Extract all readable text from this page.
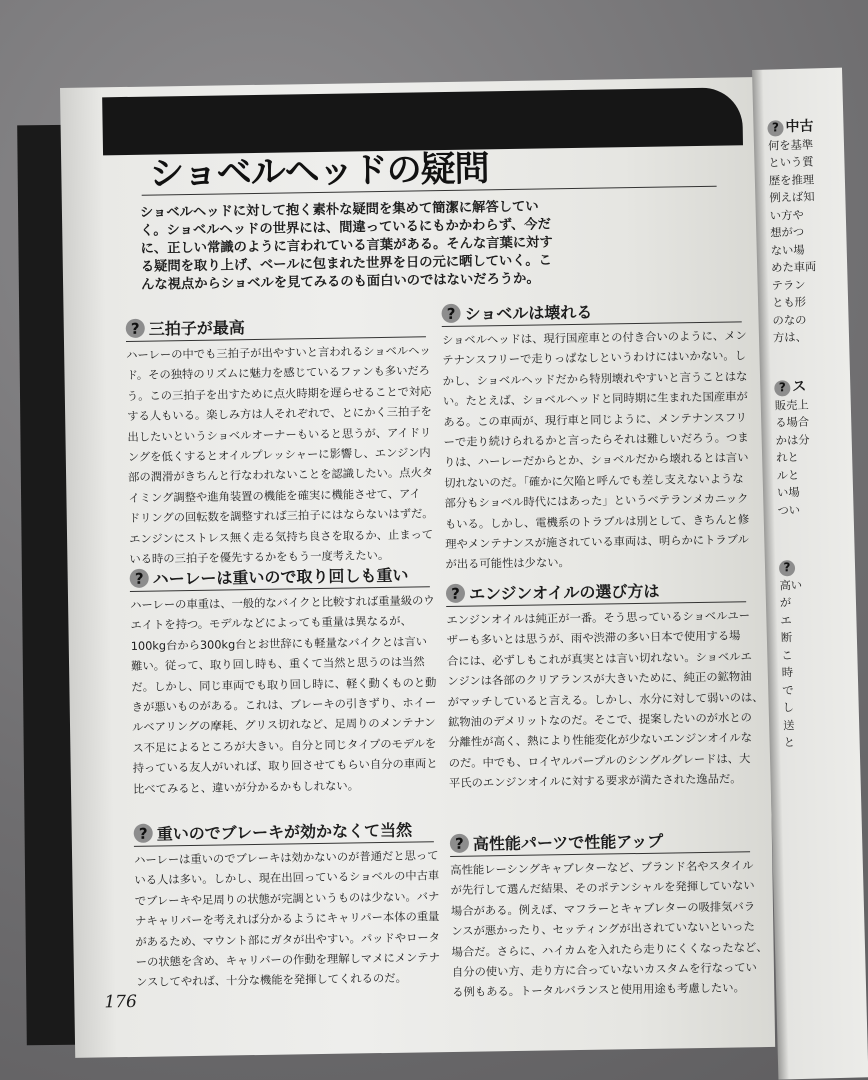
ショベルヘッドの疑問
ショベルヘッドに対して抱く素朴な疑問を集めて簡潔に解答してい
く。ショベルヘッドの世界には、間違っているにもかかわらず、今だ
に、正しい常識のように言われている言葉がある。そんな言葉に対す
る疑問を取り上げ、ベールに包まれた世界を日の元に晒していく。こ
んな視点からショベルを見てみるのも面白いのではないだろうか。
? 三拍子が最高
ハーレーの中でも三拍子が出やすいと言われるショベルヘッ
ド。その独特のリズムに魅力を感じているファンも多いだろ
う。この三拍子を出すために点火時期を遅らせることで対応
する人もいる。楽しみ方は人それぞれで、とにかく三拍子を
出したいというショベルオーナーもいると思うが、アイドリ
ングを低くするとオイルプレッシャーに影響し、エンジン内
部の潤滑がきちんと行なわれないことを認識したい。点火タ
イミング調整や進角装置の機能を確実に機能させて、アイ
ドリングの回転数を調整すれば三拍子にはならないはずだ。
エンジンにストレス無く走る気持ち良さを取るか、止まって
いる時の三拍子を優先するかをもう一度考えたい。
? ハーレーは重いので取り回しも重い
ハーレーの車重は、一般的なバイクと比較すれば重量級のウ
エイトを持つ。モデルなどによっても重量は異なるが、
100kg台から300kg台とお世辞にも軽量なバイクとは言い
難い。従って、取り回し時も、重くて当然と思うのは当然
だ。しかし、同じ車両でも取り回し時に、軽く動くものと動
きが悪いものがある。これは、ブレーキの引きずり、ホイー
ルベアリングの摩耗、グリス切れなど、足周りのメンテナン
ス不足によるところが大きい。自分と同じタイプのモデルを
持っている友人がいれば、取り回させてもらい自分の車両と
比べてみると、違いが分かるかもしれない。
? 重いのでブレーキが効かなくて当然
ハーレーは重いのでブレーキは効かないのが普通だと思って
いる人は多い。しかし、現在出回っているショベルの中古車
でブレーキや足周りの状態が完調というものは少ない。バナ
ナキャリパーを考えれば分かるようにキャリパー本体の重量
があるため、マウント部にガタが出やすい。パッドやロータ
ーの状態を含め、キャリパーの作動を理解しマメにメンテナ
ンスしてやれば、十分な機能を発揮してくれるのだ。
? ショベルは壊れる
ショベルヘッドは、現行国産車との付き合いのように、メン
テナンスフリーで走りっぱなしというわけにはいかない。し
かし、ショベルヘッドだから特別壊れやすいと言うことはな
い。たとえば、ショベルヘッドと同時期に生まれた国産車が
ある。この車両が、現行車と同じように、メンテナンスフリ
ーで走り続けられるかと言ったらそれは難しいだろう。つま
りは、ハーレーだからとか、ショベルだから壊れるとは言い
切れないのだ。「確かに欠陥と呼んでも差し支えないような
部分もショベル時代にはあった」というベテランメカニック
もいる。しかし、電機系のトラブルは別として、きちんと修
理やメンテナンスが施されている車両は、明らかにトラブル
が出る可能性は少ない。
? エンジンオイルの選び方は
エンジンオイルは純正が一番。そう思っているショベルユー
ザーも多いとは思うが、雨や渋滞の多い日本で使用する場
合には、必ずしもこれが真実とは言い切れない。ショベルエ
ンジンは各部のクリアランスが大きいために、純正の鉱物油
がマッチしていると言える。しかし、水分に対して弱いのは、
鉱物油のデメリットなのだ。そこで、提案したいのが水との
分離性が高く、熱により性能変化が少ないエンジンオイルな
のだ。中でも、ロイヤルパープルのシングルグレードは、大
平氏のエンジンオイルに対する要求が満たされた逸品だ。
? 高性能パーツで性能アップ
高性能レーシングキャブレターなど、ブランド名やスタイル
が先行して選んだ結果、そのポテンシャルを発揮していない
場合がある。例えば、マフラーとキャブレターの吸排気バラ
ンスが悪かったり、セッティングが出されていないといった
場合だ。さらに、ハイカムを入れたら走りにくくなったなど、
自分の使い方、走り方に合っていないカスタムを行なってい
る例もある。トータルバランスと使用用途も考慮したい。
176
? 中古
何を基準
という質
歴を推理
例えば知
い方や
想がつ
ない場
めた車両
テラン
とも形
のなの
方は、
? ス
販売上
る場合
かは分
れと
ルと
い場
つい
?
高い
が
エ
断
こ
時
で
し
送
と
